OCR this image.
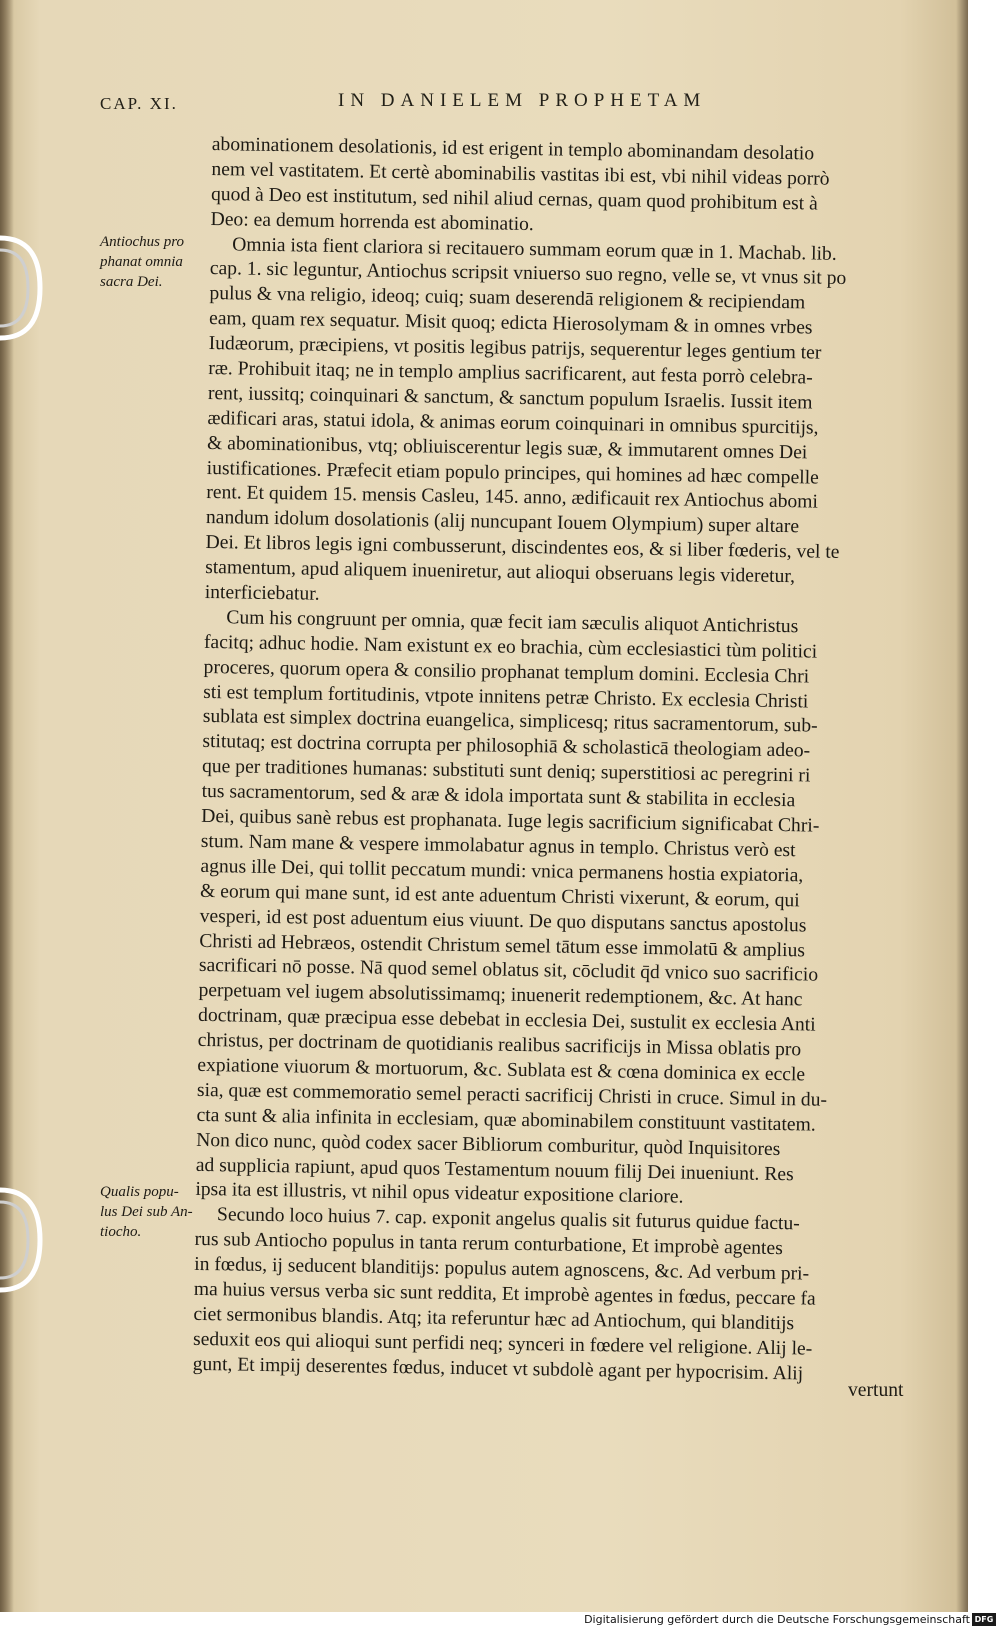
CAP. XI.	IN DANIELEM PROPHETAM
Antiochus pro
phanat omnia
sacra Dei.
Qualis popu-
lus Dei sub An-
tiocho.
abominationem desolationis, id est erigent in templo abominandam desolatio
nem vel vastitatem. Et certè abominabilis vastitas ibi est, vbi nihil videas porrò
quod à Deo est institutum, sed nihil aliud cernas, quam quod prohibitum est à
Deo: ea demum horrenda est abominatio.
Omnia ista fient clariora si recitauero summam eorum quæ in 1. Machab. lib.
cap. 1. sic leguntur, Antiochus scripsit vniuerso suo regno, velle se, vt vnus sit po
pulus & vna religio, ideoq; cuiq; suam deserendā religionem & recipiendam
eam, quam rex sequatur. Misit quoq; edicta Hierosolymam & in omnes vrbes
Iudæorum, præcipiens, vt positis legibus patrijs, sequerentur leges gentium ter
ræ. Prohibuit itaq; ne in templo amplius sacrificarent, aut festa porrò celebra-
rent, iussitq; coinquinari & sanctum, & sanctum populum Israelis. Iussit item
ædificari aras, statui idola, & animas eorum coinquinari in omnibus spurcitijs,
& abominationibus, vtq; obliuiscerentur legis suæ, & immutarent omnes Dei
iustificationes. Præfecit etiam populo principes, qui homines ad hæc compelle
rent. Et quidem 15. mensis Casleu, 145. anno, ædificauit rex Antiochus abomi
nandum idolum dosolationis (alij nuncupant Iouem Olympium) super altare
Dei. Et libros legis igni combusserunt, discindentes eos, & si liber fœderis, vel te
stamentum, apud aliquem inueniretur, aut alioqui obseruans legis videretur,
interficiebatur.
Cum his congruunt per omnia, quæ fecit iam sæculis aliquot Antichristus
facitq; adhuc hodie. Nam existunt ex eo brachia, cùm ecclesiastici tùm politici
proceres, quorum opera & consilio prophanat templum domini. Ecclesia Chri
sti est templum fortitudinis, vtpote innitens petræ Christo. Ex ecclesia Christi
sublata est simplex doctrina euangelica, simplicesq; ritus sacramentorum, sub-
stitutaq; est doctrina corrupta per philosophiā & scholasticā theologiam adeo-
que per traditiones humanas: substituti sunt deniq; superstitiosi ac peregrini ri
tus sacramentorum, sed & aræ & idola importata sunt & stabilita in ecclesia
Dei, quibus sanè rebus est prophanata. Iuge legis sacrificium significabat Chri-
stum. Nam mane & vespere immolabatur agnus in templo. Christus verò est
agnus ille Dei, qui tollit peccatum mundi: vnica permanens hostia expiatoria,
& eorum qui mane sunt, id est ante aduentum Christi vixerunt, & eorum, qui
vesperi, id est post aduentum eius viuunt. De quo disputans sanctus apostolus
Christi ad Hebræos, ostendit Christum semel tātum esse immolatū & amplius
sacrificari nō posse. Nā quod semel oblatus sit, cōcludit q̄d vnico suo sacrificio
perpetuam vel iugem absolutissimamq; inuenerit redemptionem, &c. At hanc
doctrinam, quæ præcipua esse debebat in ecclesia Dei, sustulit ex ecclesia Anti
christus, per doctrinam de quotidianis realibus sacrificijs in Missa oblatis pro
expiatione viuorum & mortuorum, &c. Sublata est & cœna dominica ex eccle
sia, quæ est commemoratio semel peracti sacrificij Christi in cruce. Simul in du-
cta sunt & alia infinita in ecclesiam, quæ abominabilem constituunt vastitatem.
Non dico nunc, quòd codex sacer Bibliorum comburitur, quòd Inquisitores
ad supplicia rapiunt, apud quos Testamentum nouum filij Dei inueniunt. Res
ipsa ita est illustris, vt nihil opus videatur expositione clariore.
Secundo loco huius 7. cap. exponit angelus qualis sit futurus quidue factu-
rus sub Antiocho populus in tanta rerum conturbatione, Et improbè agentes
in fœdus, ij seducent blanditijs: populus autem agnoscens, &c. Ad verbum pri-
ma huius versus verba sic sunt reddita, Et improbè agentes in fœdus, peccare fa
ciet sermonibus blandis. Atq; ita referuntur hæc ad Antiochum, qui blanditijs
seduxit eos qui alioqui sunt perfidi neq; synceri in fœdere vel religione. Alij le-
gunt, Et impij deserentes fœdus, inducet vt subdolè agant per hypocrisim. Alij
vertunt
Digitalisierung gefördert durch die Deutsche Forschungsgemeinschaft DFG
